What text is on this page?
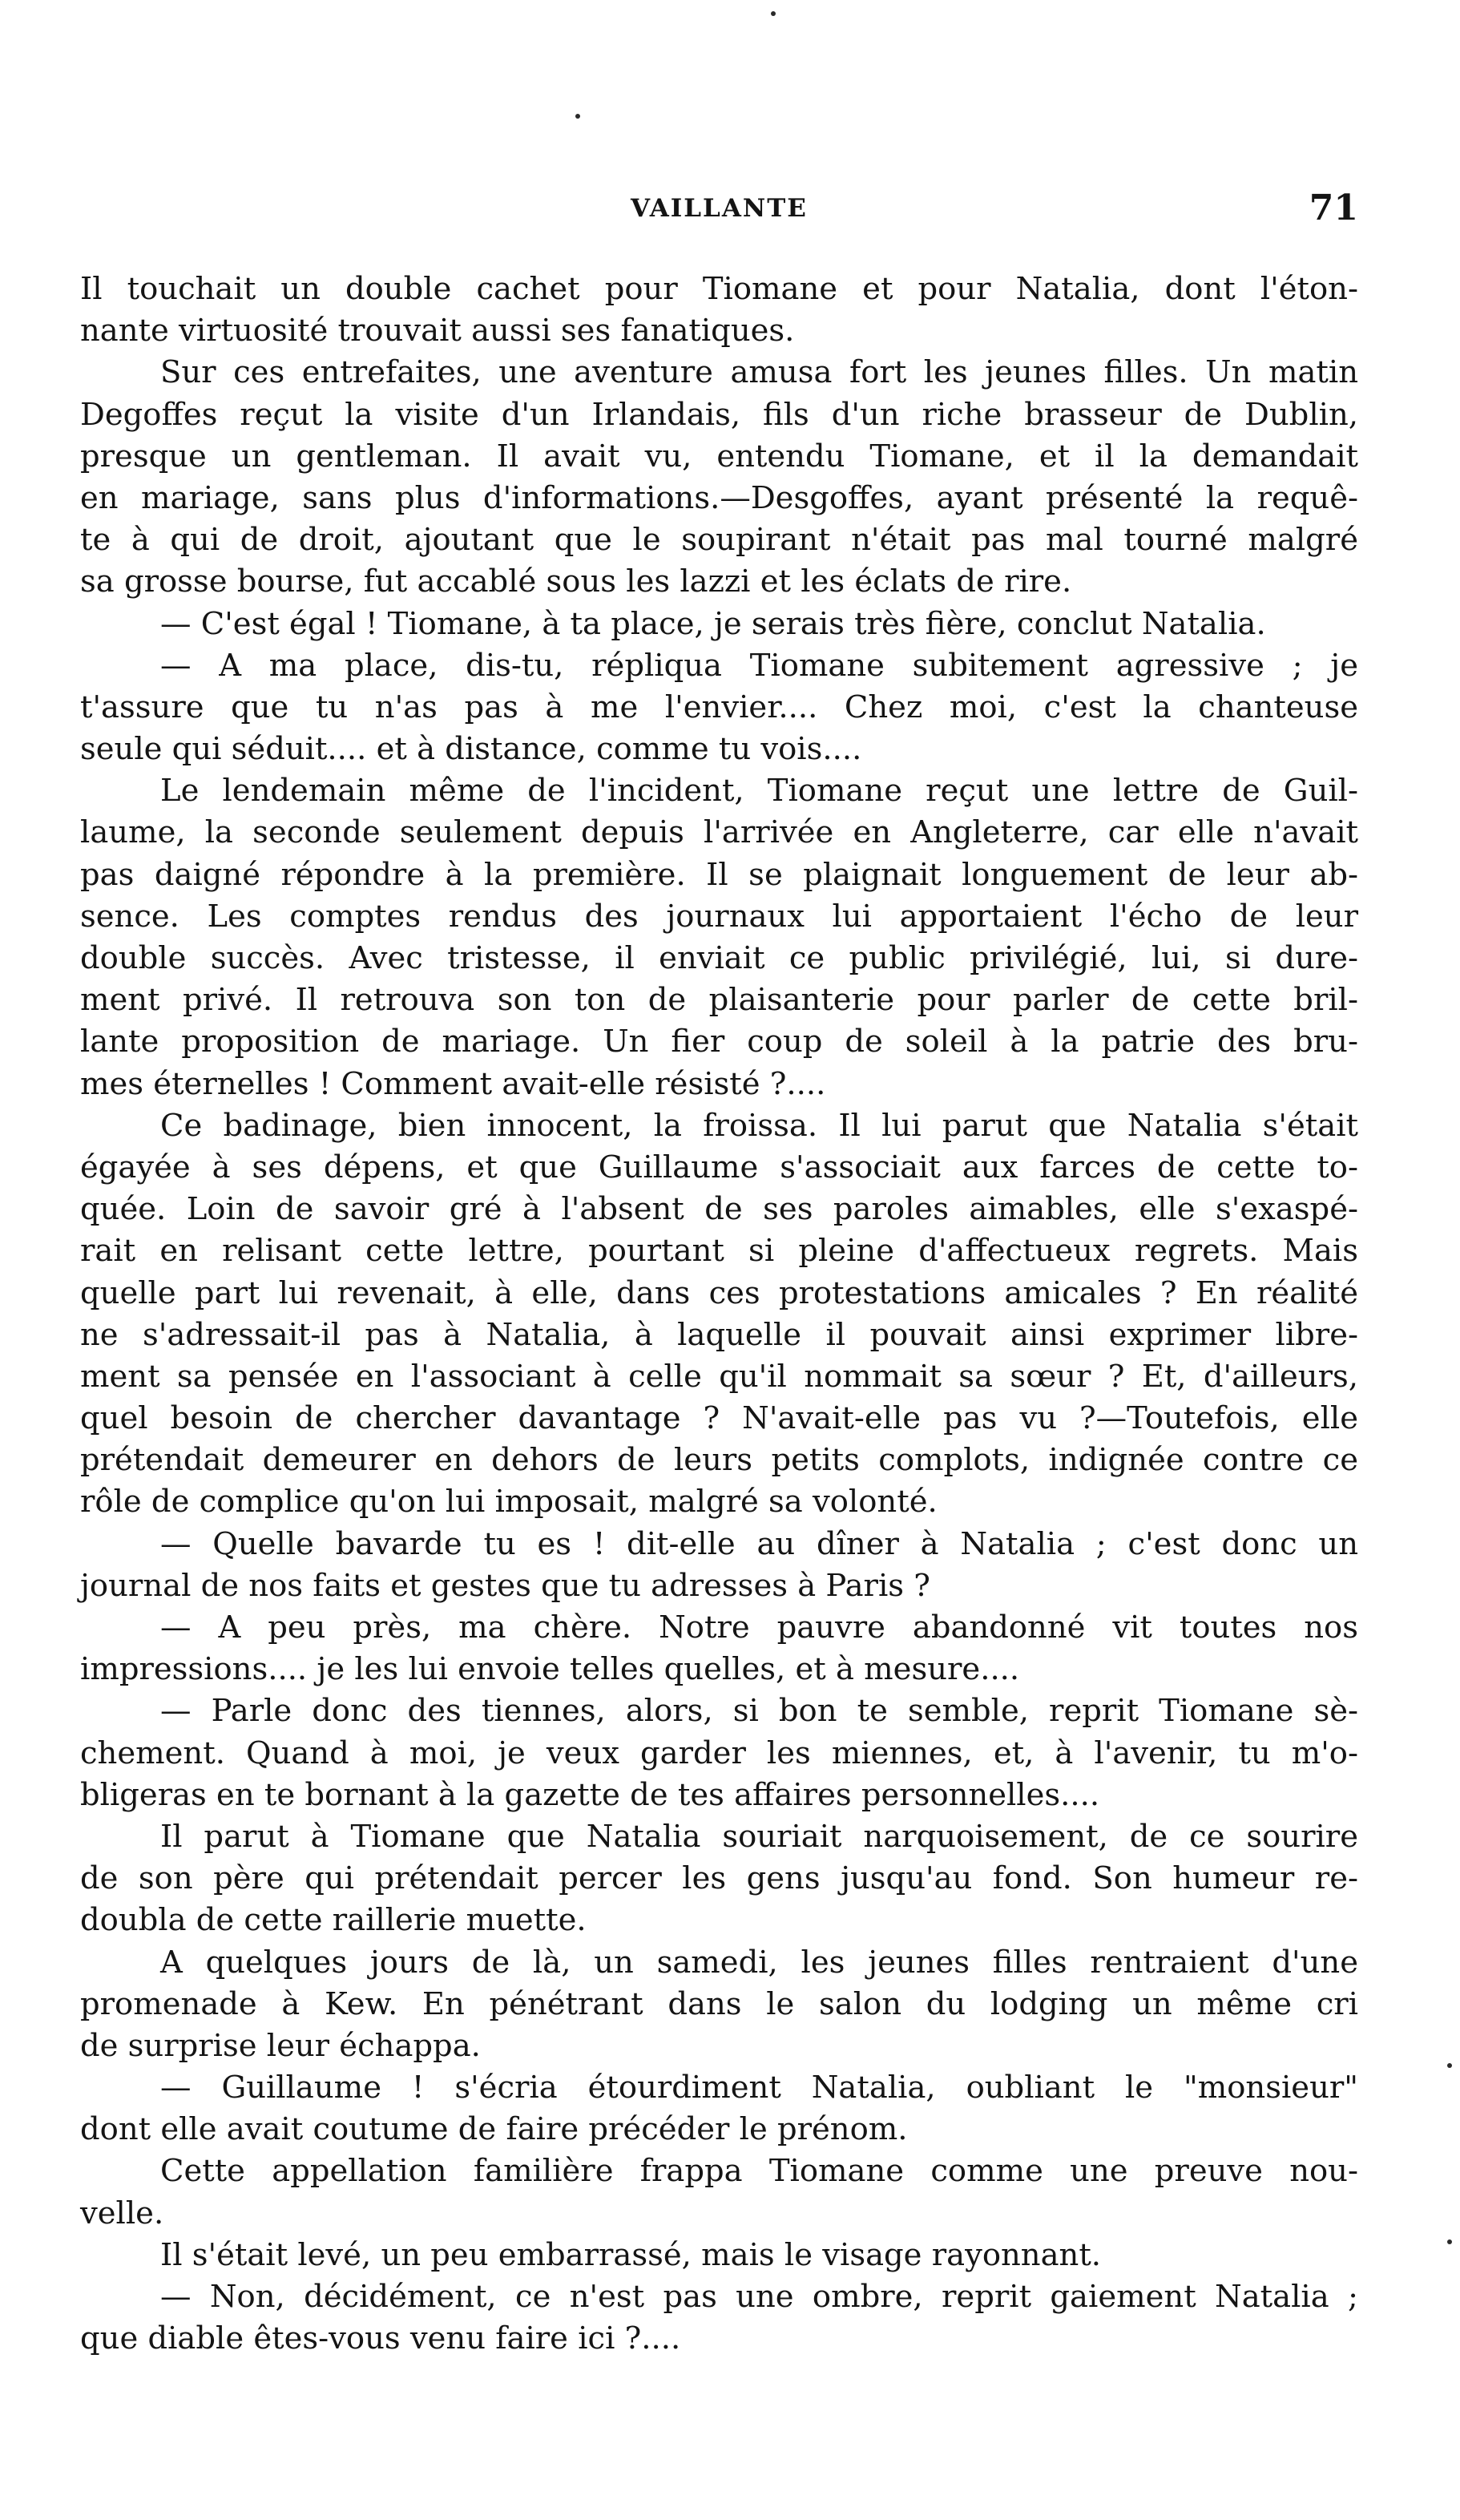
VAILLANTE	71
Il touchait un double cachet pour Tiomane et pour Natalia, dont l'éton-
nante virtuosité trouvait aussi ses fanatiques.
Sur ces entrefaites, une aventure amusa fort les jeunes filles. Un matin
Degoffes reçut la visite d'un Irlandais, fils d'un riche brasseur de Dublin,
presque un gentleman. Il avait vu, entendu Tiomane, et il la demandait
en mariage, sans plus d'informations.—Desgoffes, ayant présenté la requê-
te à qui de droit, ajoutant que le soupirant n'était pas mal tourné malgré
sa grosse bourse, fut accablé sous les lazzi et les éclats de rire.
— C'est égal ! Tiomane, à ta place, je serais très fière, conclut Natalia.
— A ma place, dis-tu, répliqua Tiomane subitement agressive ; je
t'assure que tu n'as pas à me l'envier.... Chez moi, c'est la chanteuse
seule qui séduit.... et à distance, comme tu vois....
Le lendemain même de l'incident, Tiomane reçut une lettre de Guil-
laume, la seconde seulement depuis l'arrivée en Angleterre, car elle n'avait
pas daigné répondre à la première. Il se plaignait longuement de leur ab-
sence. Les comptes rendus des journaux lui apportaient l'écho de leur
double succès. Avec tristesse, il enviait ce public privilégié, lui, si dure-
ment privé. Il retrouva son ton de plaisanterie pour parler de cette bril-
lante proposition de mariage. Un fier coup de soleil à la patrie des bru-
mes éternelles ! Comment avait-elle résisté ?....
Ce badinage, bien innocent, la froissa. Il lui parut que Natalia s'était
égayée à ses dépens, et que Guillaume s'associait aux farces de cette to-
quée. Loin de savoir gré à l'absent de ses paroles aimables, elle s'exaspé-
rait en relisant cette lettre, pourtant si pleine d'affectueux regrets. Mais
quelle part lui revenait, à elle, dans ces protestations amicales ? En réalité
ne s'adressait-il pas à Natalia, à laquelle il pouvait ainsi exprimer libre-
ment sa pensée en l'associant à celle qu'il nommait sa sœur ? Et, d'ailleurs,
quel besoin de chercher davantage ? N'avait-elle pas vu ?—Toutefois, elle
prétendait demeurer en dehors de leurs petits complots, indignée contre ce
rôle de complice qu'on lui imposait, malgré sa volonté.
— Quelle bavarde tu es ! dit-elle au dîner à Natalia ; c'est donc un
journal de nos faits et gestes que tu adresses à Paris ?
— A peu près, ma chère. Notre pauvre abandonné vit toutes nos
impressions.... je les lui envoie telles quelles, et à mesure....
— Parle donc des tiennes, alors, si bon te semble, reprit Tiomane sè-
chement. Quand à moi, je veux garder les miennes, et, à l'avenir, tu m'o-
bligeras en te bornant à la gazette de tes affaires personnelles....
Il parut à Tiomane que Natalia souriait narquoisement, de ce sourire
de son père qui prétendait percer les gens jusqu'au fond. Son humeur re-
doubla de cette raillerie muette.
A quelques jours de là, un samedi, les jeunes filles rentraient d'une
promenade à Kew. En pénétrant dans le salon du lodging un même cri
de surprise leur échappa.
— Guillaume ! s'écria étourdiment Natalia, oubliant le "monsieur"
dont elle avait coutume de faire précéder le prénom.
Cette appellation familière frappa Tiomane comme une preuve nou-
velle.
Il s'était levé, un peu embarrassé, mais le visage rayonnant.
— Non, décidément, ce n'est pas une ombre, reprit gaiement Natalia ;
que diable êtes-vous venu faire ici ?....
